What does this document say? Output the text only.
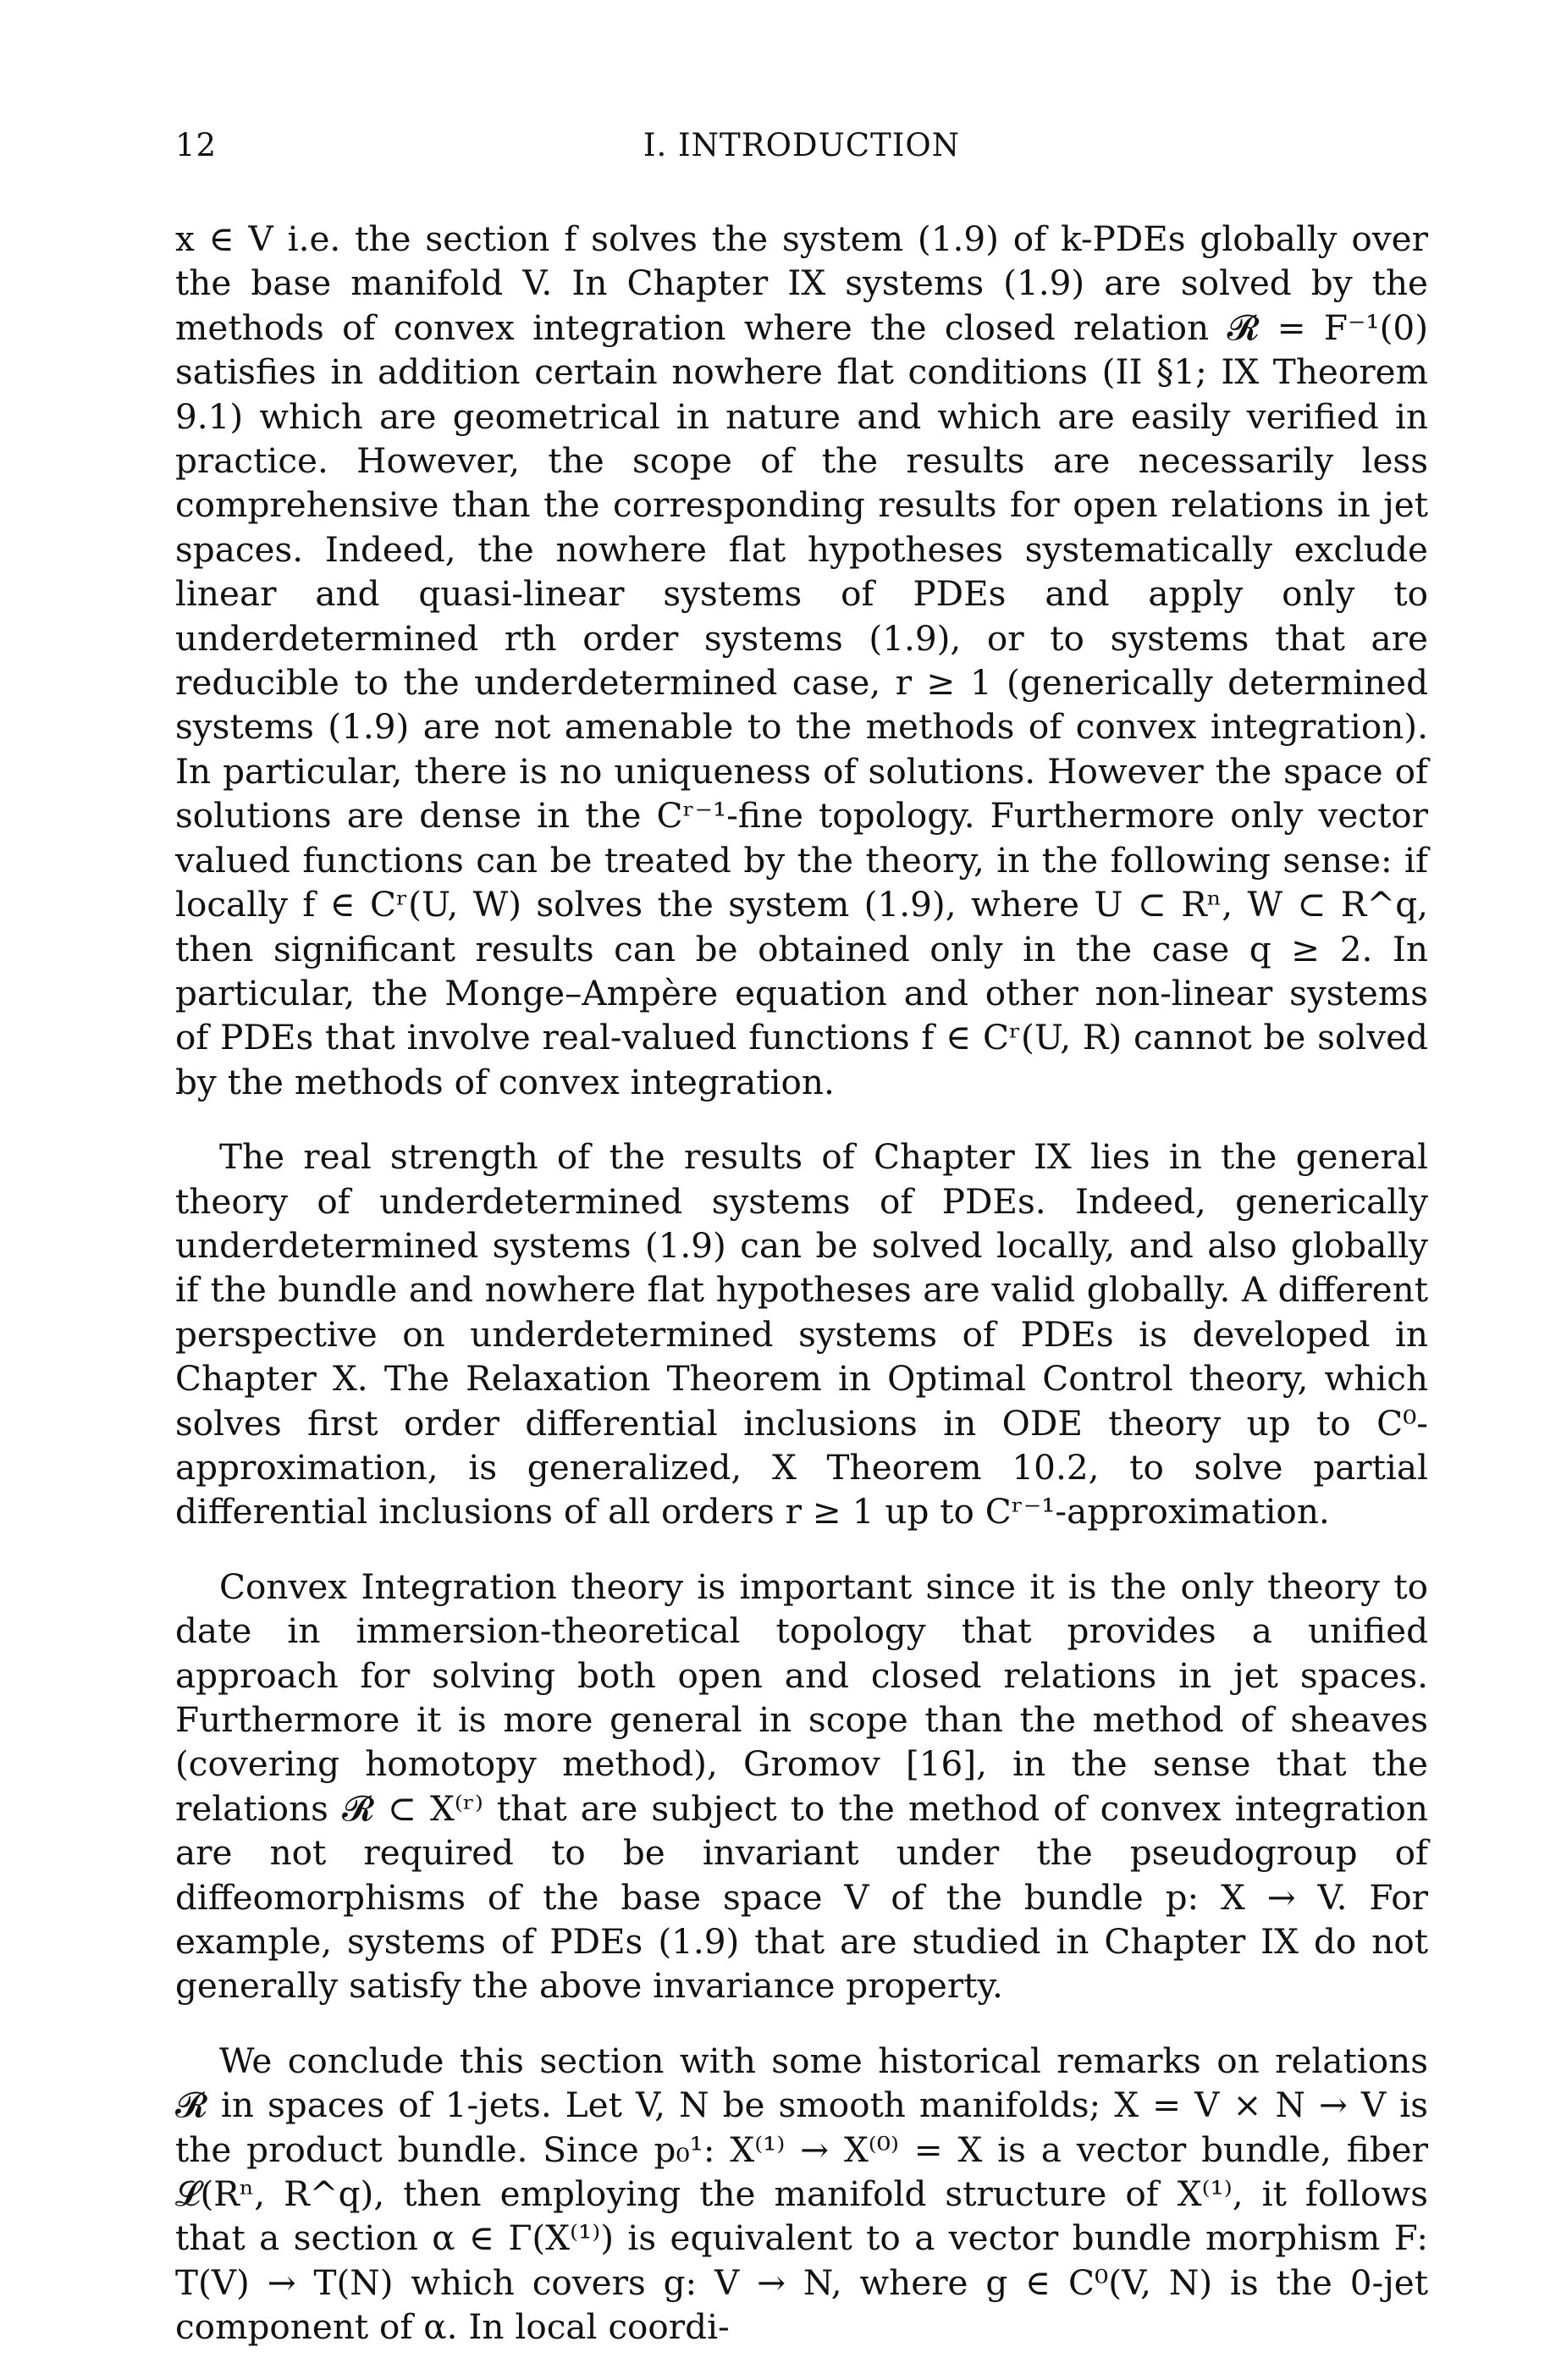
12	I. INTRODUCTION

x ∈ V i.e. the section f solves the system (1.9) of k-PDEs globally over the base manifold V. In Chapter IX systems (1.9) are solved by the methods of convex integration where the closed relation 𝓡 = F⁻¹(0) satisfies in addition certain nowhere flat conditions (II §1; IX Theorem 9.1) which are geometrical in nature and which are easily verified in practice. However, the scope of the results are necessarily less comprehensive than the corresponding results for open relations in jet spaces. Indeed, the nowhere flat hypotheses systematically exclude linear and quasi-linear systems of PDEs and apply only to underdetermined rth order systems (1.9), or to systems that are reducible to the underdetermined case, r ≥ 1 (generically determined systems (1.9) are not amenable to the methods of convex integration). In particular, there is no uniqueness of solutions. However the space of solutions are dense in the Cʳ⁻¹-fine topology. Furthermore only vector valued functions can be treated by the theory, in the following sense: if locally f ∈ Cʳ(U, W) solves the system (1.9), where U ⊂ Rⁿ, W ⊂ R^q, then significant results can be obtained only in the case q ≥ 2. In particular, the Monge–Ampère equation and other non-linear systems of PDEs that involve real-valued functions f ∈ Cʳ(U, R) cannot be solved by the methods of convex integration.

The real strength of the results of Chapter IX lies in the general theory of underdetermined systems of PDEs. Indeed, generically underdetermined systems (1.9) can be solved locally, and also globally if the bundle and nowhere flat hypotheses are valid globally. A different perspective on underdetermined systems of PDEs is developed in Chapter X. The Relaxation Theorem in Optimal Control theory, which solves first order differential inclusions in ODE theory up to C⁰-approximation, is generalized, X Theorem 10.2, to solve partial differential inclusions of all orders r ≥ 1 up to Cʳ⁻¹-approximation.

Convex Integration theory is important since it is the only theory to date in immersion-theoretical topology that provides a unified approach for solving both open and closed relations in jet spaces. Furthermore it is more general in scope than the method of sheaves (covering homotopy method), Gromov [16], in the sense that the relations 𝓡 ⊂ X⁽ʳ⁾ that are subject to the method of convex integration are not required to be invariant under the pseudogroup of diffeomorphisms of the base space V of the bundle p: X → V. For example, systems of PDEs (1.9) that are studied in Chapter IX do not generally satisfy the above invariance property.

We conclude this section with some historical remarks on relations 𝓡 in spaces of 1-jets. Let V, N be smooth manifolds; X = V × N → V is the product bundle. Since p₀¹: X⁽¹⁾ → X⁽⁰⁾ = X is a vector bundle, fiber 𝓛(Rⁿ, R^q), then employing the manifold structure of X⁽¹⁾, it follows that a section α ∈ Γ(X⁽¹⁾) is equivalent to a vector bundle morphism F: T(V) → T(N) which covers g: V → N, where g ∈ C⁰(V, N) is the 0-jet component of α. In local coordi-
